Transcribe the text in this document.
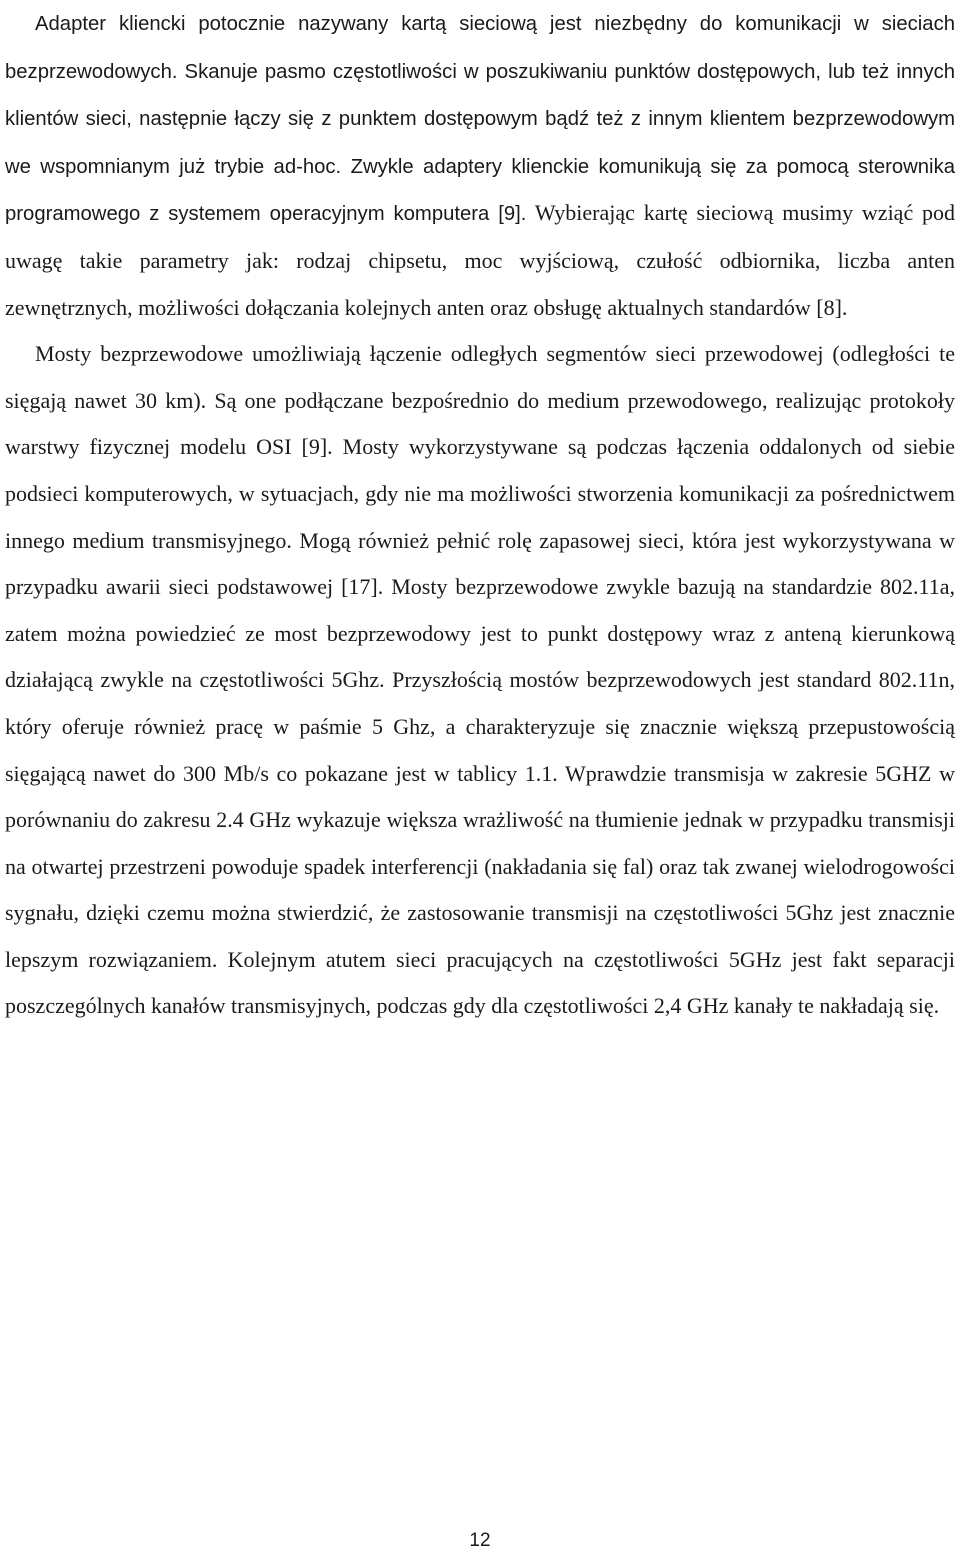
Adapter kliencki potocznie nazywany kartą sieciową jest niezbędny do komunikacji w sieciach bezprzewodowych. Skanuje pasmo częstotliwości w poszukiwaniu punktów dostępowych, lub też innych klientów sieci, następnie łączy się z punktem dostępowym bądź też z innym klientem bezprzewodowym we wspomnianym już trybie ad-hoc. Zwykle adaptery klienckie komunikują się za pomocą sterownika programowego z systemem operacyjnym komputera [9]. Wybierając kartę sieciową musimy wziąć pod uwagę takie parametry jak: rodzaj chipsetu, moc wyjściową, czułość odbiornika, liczba anten zewnętrznych, możliwości dołączania kolejnych anten oraz obsługę aktualnych standardów [8].

Mosty bezprzewodowe umożliwiają łączenie odległych segmentów sieci przewodowej (odległości te sięgają nawet 30 km). Są one podłączane bezpośrednio do medium przewodowego, realizując protokoły warstwy fizycznej modelu OSI [9]. Mosty wykorzystywane są podczas łączenia oddalonych od siebie podsieci komputerowych, w sytuacjach, gdy nie ma możliwości stworzenia komunikacji za pośrednictwem innego medium transmisyjnego. Mogą również pełnić rolę zapasowej sieci, która jest wykorzystywana w przypadku awarii sieci podstawowej [17]. Mosty bezprzewodowe zwykle bazują na standardzie 802.11a, zatem można powiedzieć ze most bezprzewodowy jest to punkt dostępowy wraz z anteną kierunkową działającą zwykle na częstotliwości 5Ghz. Przyszłością mostów bezprzewodowych jest standard 802.11n, który oferuje również pracę w paśmie 5 Ghz, a charakteryzuje się znacznie większą przepustowością sięgającą nawet do 300 Mb/s co pokazane jest w tablicy 1.1. Wprawdzie transmisja w zakresie 5GHZ w porównaniu do zakresu 2.4 GHz wykazuje większa wrażliwość na tłumienie jednak w przypadku transmisji na otwartej przestrzeni powoduje spadek interferencji (nakładania się fal) oraz tak zwanej wielodrogowości sygnału, dzięki czemu można stwierdzić, że zastosowanie transmisji na częstotliwości 5Ghz jest znacznie lepszym rozwiązaniem. Kolejnym atutem sieci pracujących na częstotliwości 5GHz jest fakt separacji poszczególnych kanałów transmisyjnych, podczas gdy dla częstotliwości 2,4 GHz kanały te nakładają się.

12
